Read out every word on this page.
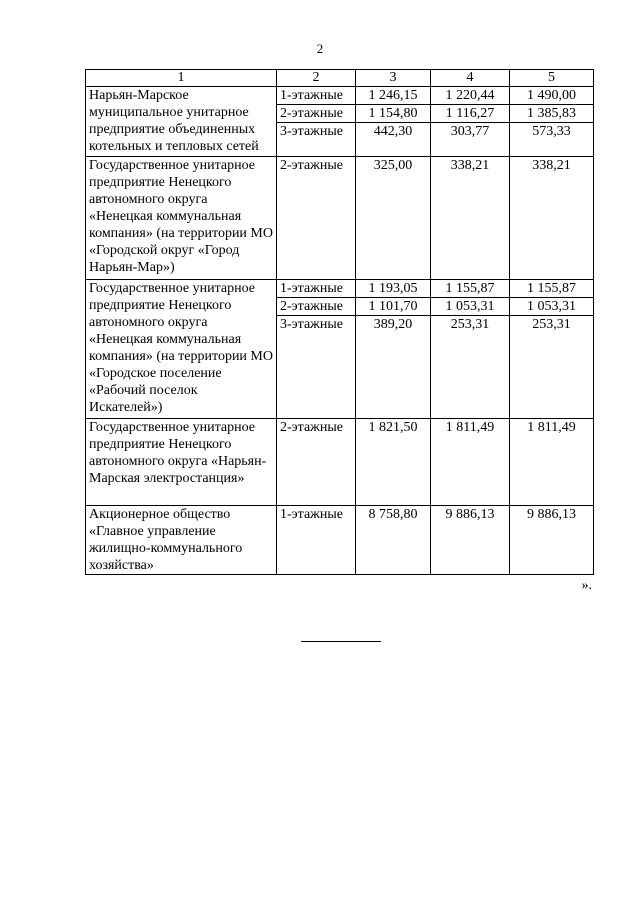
2
1	2	3	4	5
Нарьян-Марское муниципальное унитарное предприятие объединенных котельных и тепловых сетей	1-этажные	1 246,15	1 220,44	1 490,00
	2-этажные	1 154,80	1 116,27	1 385,83
	3-этажные	442,30	303,77	573,33
Государственное унитарное предприятие Ненецкого автономного округа «Ненецкая коммунальная компания» (на территории МО «Городской округ «Город Нарьян-Мар»)	2-этажные	325,00	338,21	338,21
Государственное унитарное предприятие Ненецкого автономного округа «Ненецкая коммунальная компания» (на территории МО «Городское поселение «Рабочий поселок Искателей»)	1-этажные	1 193,05	1 155,87	1 155,87
	2-этажные	1 101,70	1 053,31	1 053,31
	3-этажные	389,20	253,31	253,31
Государственное унитарное предприятие Ненецкого автономного округа «Нарьян-Марская электростанция»	2-этажные	1 821,50	1 811,49	1 811,49
Акционерное общество «Главное управление жилищно-коммунального хозяйства»	1-этажные	8 758,80	9 886,13	9 886,13
».
